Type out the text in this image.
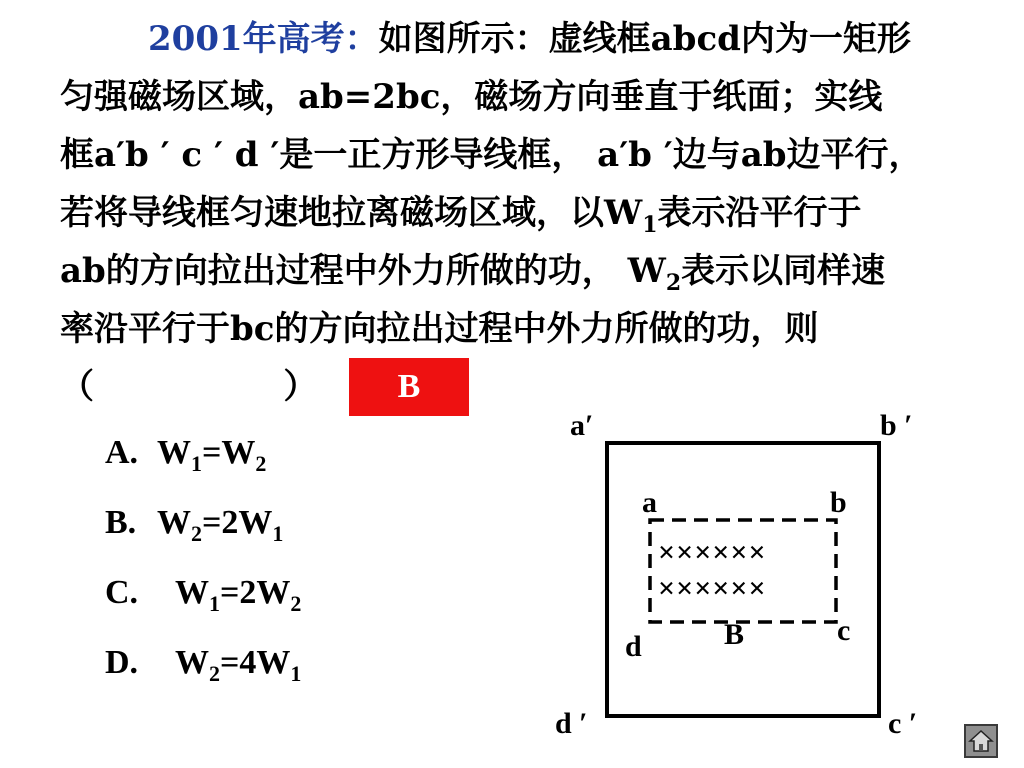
2001年高考：如图所示：虚线框abcd内为一矩形
匀强磁场区域，ab=2bc，磁场方向垂直于纸面；实线
框a′b ′ c ′ d ′是一正方形导线框， a′b ′边与ab边平行，
若将导线框匀速地拉离磁场区域，以$W_1$表示沿平行于
ab的方向拉出过程中外力所做的功， $W_2$表示以同样速
率沿平行于bc的方向拉出过程中外力所做的功，则
（                ）	B
A. $W_1=W_2$
B. $W_2=2W_1$
C. $W_1=2W_2$
D. $W_2=4W_1$
a′	b ′
d ′	c ′
a	b
c
d	B
××××××
××××××
